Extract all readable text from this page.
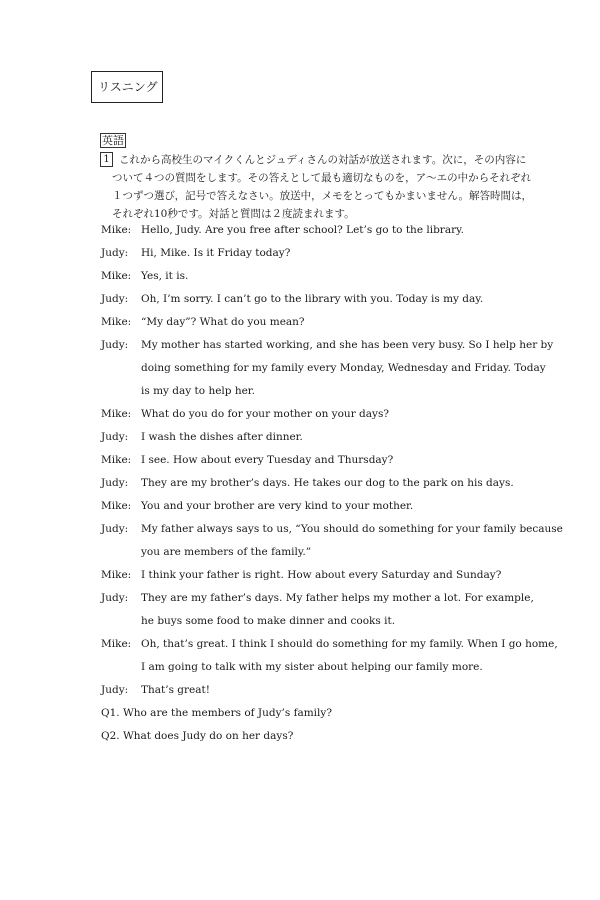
リスニング
英語
1 これから高校生のマイクくんとジュディさんの対話が放送されます。次に，その内容に
ついて４つの質問をします。その答えとして最も適切なものを，ア〜エの中からそれぞれ
１つずつ選び，記号で答えなさい。放送中，メモをとってもかまいません。解答時間は，
それぞれ10秒です。対話と質問は２度読まれます。
Mike: Hello, Judy. Are you free after school? Let’s go to the library.
Judy: Hi, Mike. Is it Friday today?
Mike: Yes, it is.
Judy: Oh, I’m sorry. I can’t go to the library with you. Today is my day.
Mike: “My day”? What do you mean?
Judy: My mother has started working, and she has been very busy. So I help her by
doing something for my family every Monday, Wednesday and Friday. Today
is my day to help her.
Mike: What do you do for your mother on your days?
Judy: I wash the dishes after dinner.
Mike: I see. How about every Tuesday and Thursday?
Judy: They are my brother’s days. He takes our dog to the park on his days.
Mike: You and your brother are very kind to your mother.
Judy: My father always says to us, “You should do something for your family because
you are members of the family.”
Mike: I think your father is right. How about every Saturday and Sunday?
Judy: They are my father’s days. My father helps my mother a lot. For example,
he buys some food to make dinner and cooks it.
Mike: Oh, that’s great. I think I should do something for my family. When I go home,
I am going to talk with my sister about helping our family more.
Judy: That’s great!
Q1. Who are the members of Judy’s family?
Q2. What does Judy do on her days?
